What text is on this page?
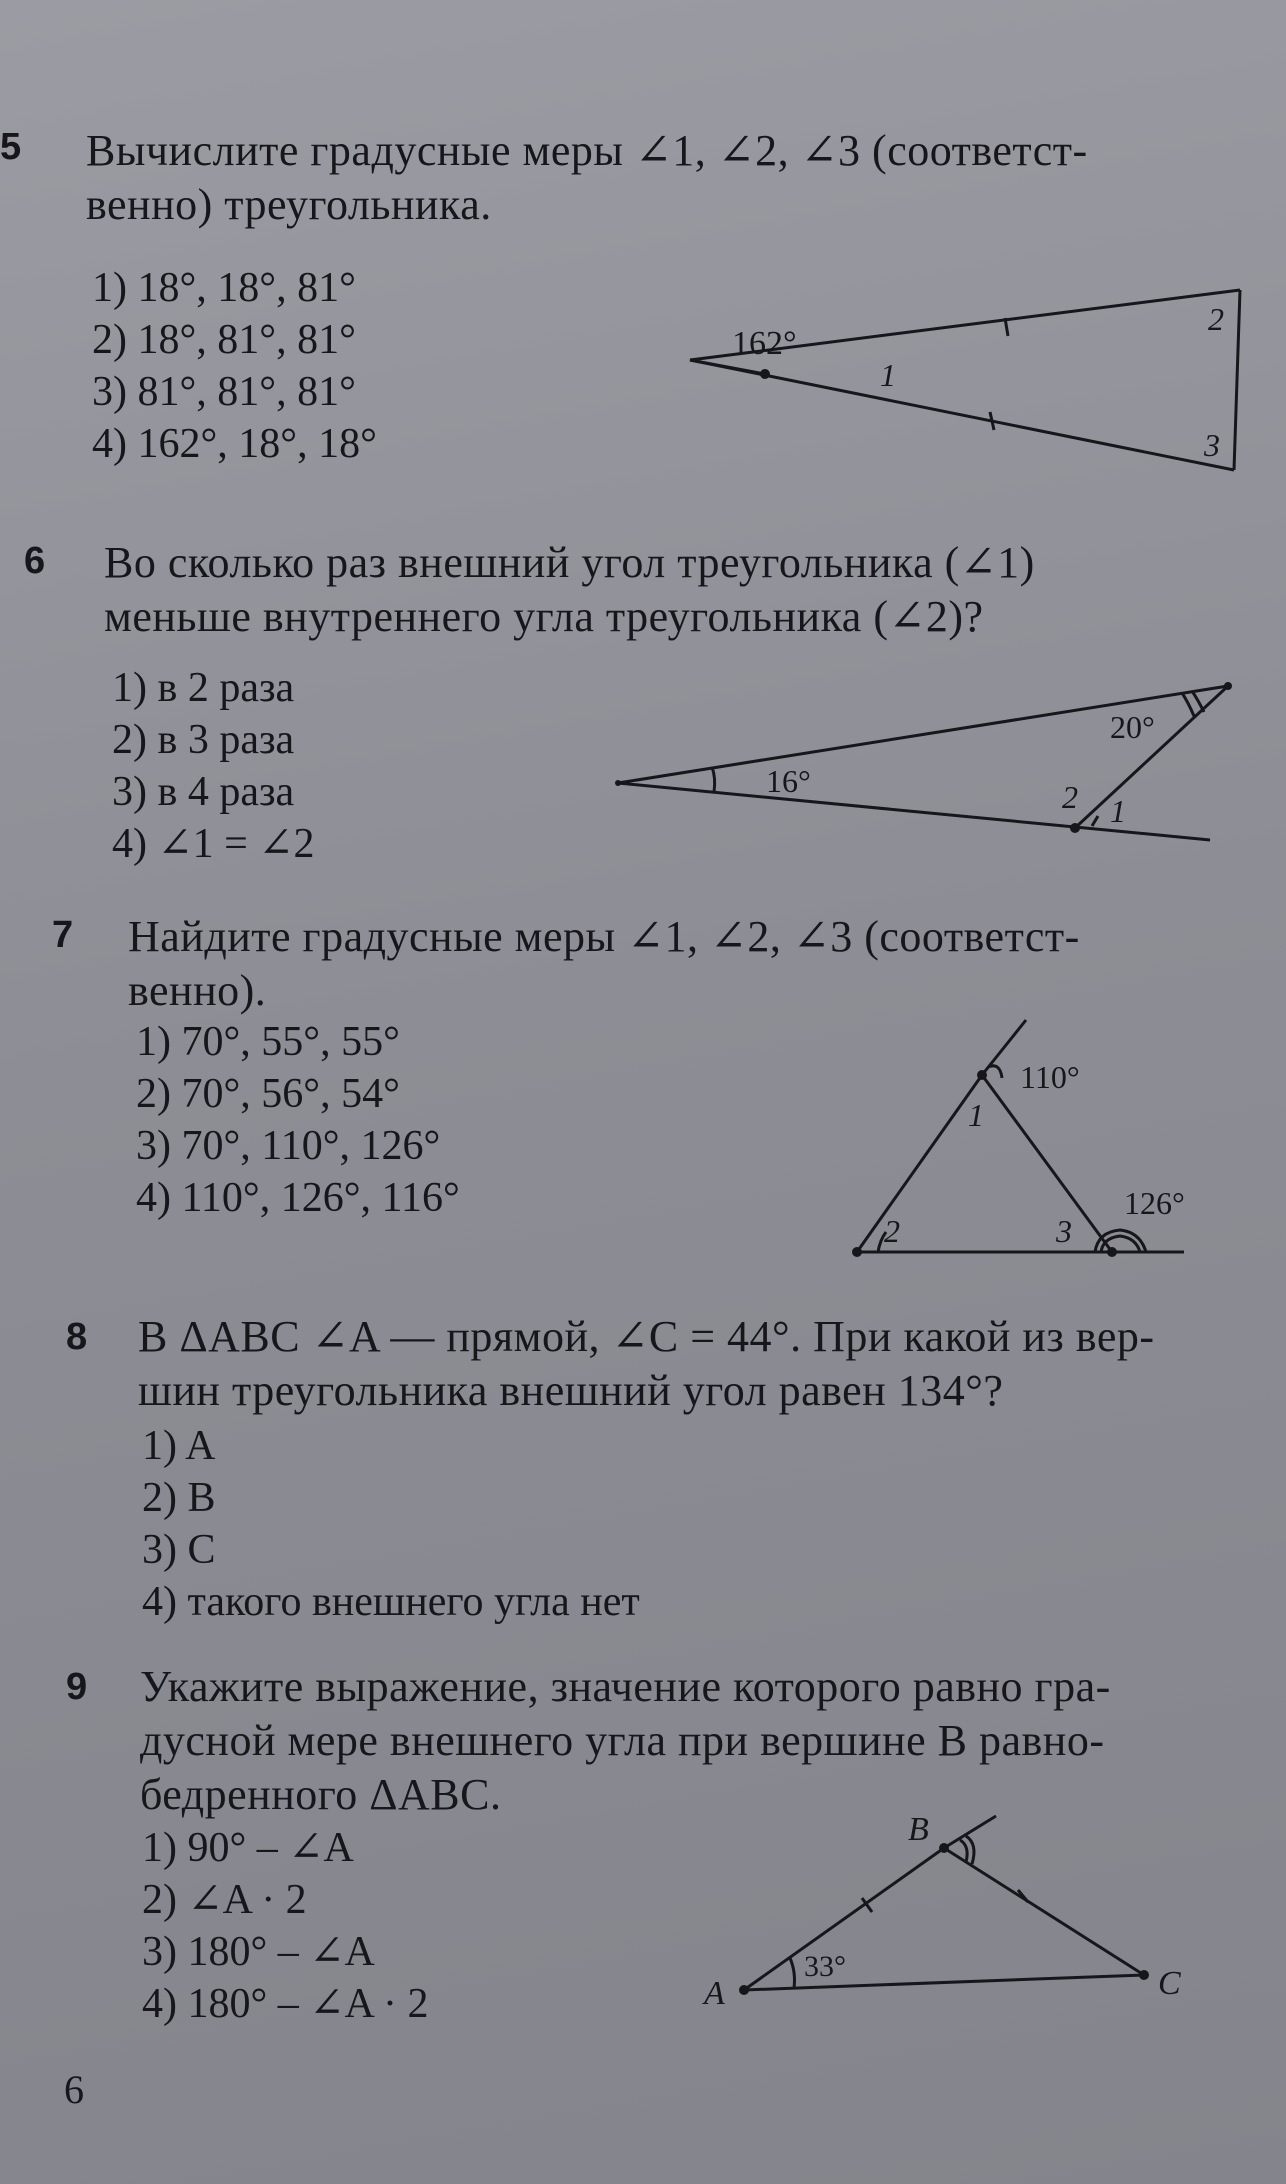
5 Вычислите градусные меры ∠1, ∠2, ∠3 (соответст-
венно) треугольника.
1) 18°, 18°, 81°
2) 18°, 81°, 81°
3) 81°, 81°, 81°
4) 162°, 18°, 18°
162°
1
2
3
6 Во сколько раз внешний угол треугольника (∠1)
меньше внутреннего угла треугольника (∠2)?
1) в 2 раза
2) в 3 раза
3) в 4 раза
4) ∠1 = ∠2
16°
20°
2 1
7 Найдите градусные меры ∠1, ∠2, ∠3 (соответст-
венно).
1) 70°, 55°, 55°
2) 70°, 56°, 54°
3) 70°, 110°, 126°
4) 110°, 126°, 116°
110°
126°
1
2	3
8 В ΔABC ∠A — прямой, ∠C = 44°. При какой из вер-
шин треугольника внешний угол равен 134°?
1) A
2) B
3) C
4) такого внешнего угла нет
9 Укажите выражение, значение которого равно гра-
дусной мере внешнего угла при вершине B равно-
бедренного ΔABC.
1) 90° – ∠A
2) ∠A · 2
3) 180° – ∠A
4) 180° – ∠A · 2
B
A	C
33°
6
